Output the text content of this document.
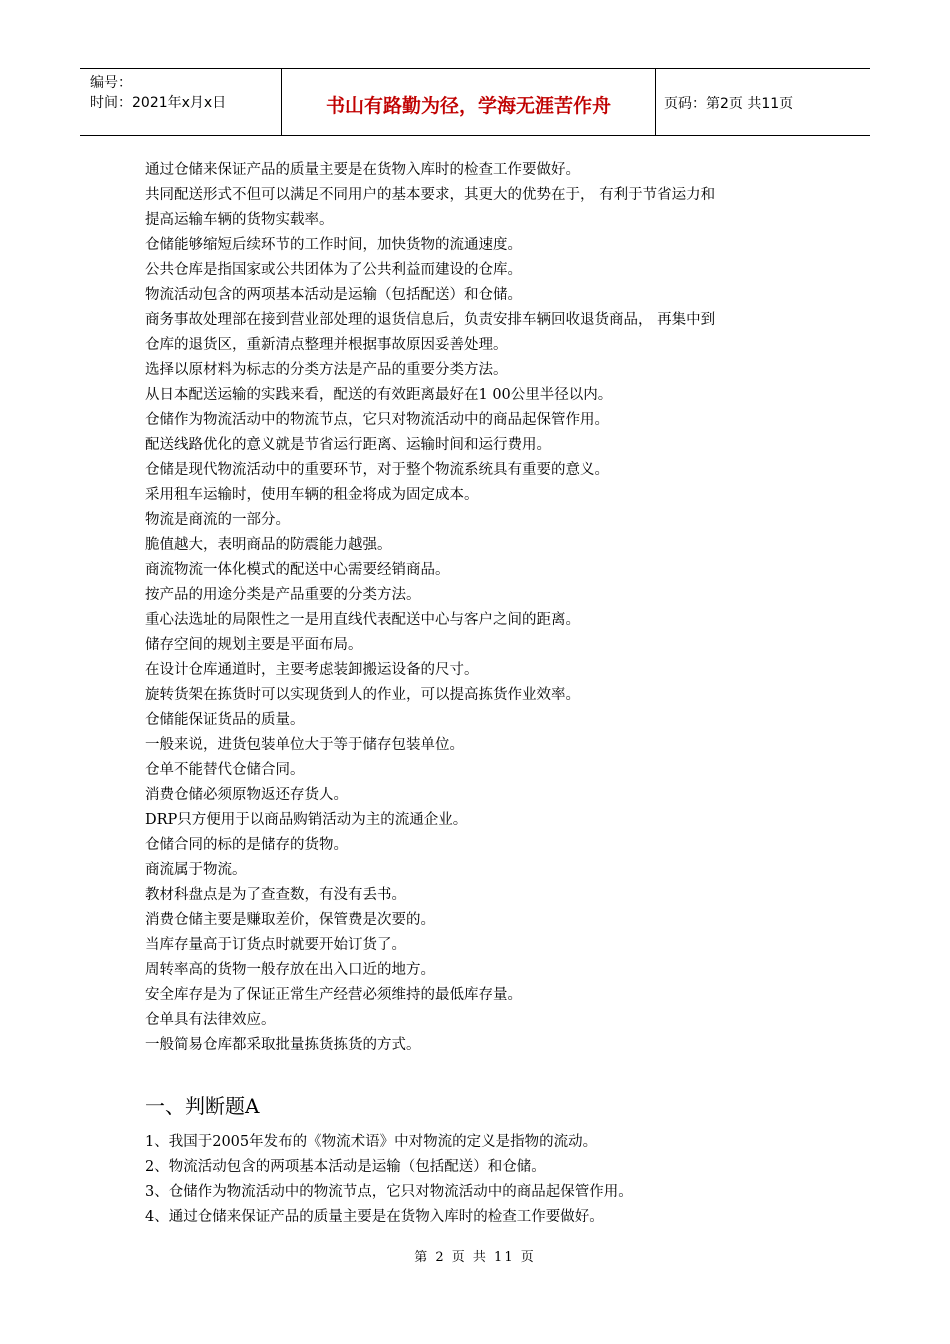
编号：
时间：2021年x月x日	书山有路勤为径，学海无涯苦作舟	页码：第2页 共11页
通过仓储来保证产品的质量主要是在货物入库时的检查工作要做好。
共同配送形式不但可以满足不同用户的基本要求，其更大的优势在于， 有利于节省运力和
提高运输车辆的货物实载率。
仓储能够缩短后续环节的工作时间，加快货物的流通速度。
公共仓库是指国家或公共团体为了公共利益而建设的仓库。
物流活动包含的两项基本活动是运输（包括配送）和仓储。
商务事故处理部在接到营业部处理的退货信息后，负责安排车辆回收退货商品， 再集中到
仓库的退货区，重新清点整理并根据事故原因妥善处理。
选择以原材料为标志的分类方法是产品的重要分类方法。
从日本配送运输的实践来看，配送的有效距离最好在1 00公里半径以内。
仓储作为物流活动中的物流节点，它只对物流活动中的商品起保管作用。
配送线路优化的意义就是节省运行距离、运输时间和运行费用。
仓储是现代物流活动中的重要环节，对于整个物流系统具有重要的意义。
采用租车运输时，使用车辆的租金将成为固定成本。
物流是商流的一部分。
脆值越大，表明商品的防震能力越强。
商流物流一体化模式的配送中心需要经销商品。
按产品的用途分类是产品重要的分类方法。
重心法选址的局限性之一是用直线代表配送中心与客户之间的距离。
储存空间的规划主要是平面布局。
在设计仓库通道时，主要考虑装卸搬运设备的尺寸。
旋转货架在拣货时可以实现货到人的作业，可以提高拣货作业效率。
仓储能保证货品的质量。
一般来说，进货包装单位大于等于储存包装单位。
仓单不能替代仓储合同。
消费仓储必须原物返还存货人。
DRP只方便用于以商品购销活动为主的流通企业。
仓储合同的标的是储存的货物。
商流属于物流。
教材科盘点是为了查查数，有没有丢书。
消费仓储主要是赚取差价，保管费是次要的。
当库存量高于订货点时就要开始订货了。
周转率高的货物一般存放在出入口近的地方。
安全库存是为了保证正常生产经营必须维持的最低库存量。
仓单具有法律效应。
一般简易仓库都采取批量拣货拣货的方式。
一、判断题A
1、我国于2005年发布的《物流术语》中对物流的定义是指物的流动。
2、物流活动包含的两项基本活动是运输（包括配送）和仓储。
3、仓储作为物流活动中的物流节点，它只对物流活动中的商品起保管作用。
4、通过仓储来保证产品的质量主要是在货物入库时的检查工作要做好。
第 2 页 共 11 页
